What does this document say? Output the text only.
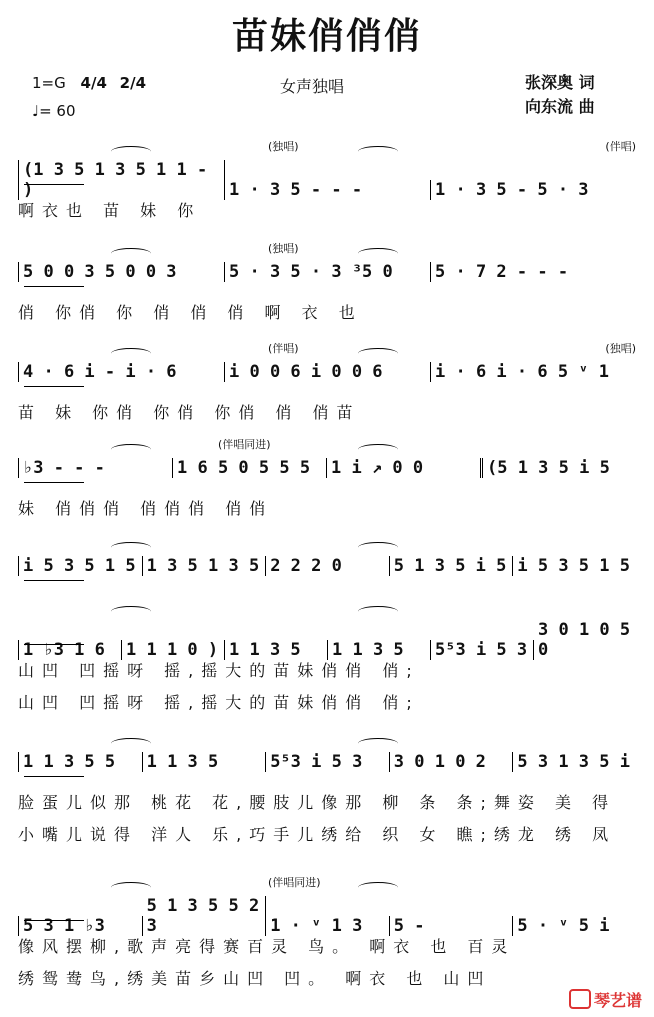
苗妹俏俏俏
1=G 4/4 2/4
♩= 60
女声独唱	张深奥 词
向东流 曲
(1 3 5 1 3 5 1 1 - )	1 · 3 5 - - -	1 · 3 5 - 5 · 3
啊衣也 苗 妹 你
(独唱)	(伴唱)
5 0 0 3 5 0 0 3	5 · 3 5 · 3 ³5 0	5 · 7 2 - - -
俏 你俏 你 俏 俏 俏 啊 衣 也
(独唱)
4 · 6 i - i · 6	i 0 0 6 i 0 0 6	i · 6 i · 6 5 ᵛ 1
苗 妹 你俏 你俏 你俏 俏 俏苗
(伴唱)	(独唱)
♭3 - - -	1 6 5 0 5 5 5	1 i ↗ 0 0	(5 1 3 5 i 5
妹 俏俏俏 俏俏俏 俏俏
(伴唱同进)
i 5 3 5 1 5 1 3 5 1 3 5 2 2 2 0	5 1 3 5 i 5 i 5 3 5 1 5
1 ♭3 1 6	1 1 1 0 ) 1 1 3 5	1 1 3 5	5⁵3 i 5 3
3 0 1 0 5 0
山凹 凹摇呀 摇,摇大的苗妹俏俏 俏;
山凹 凹摇呀 摇,摇大的苗妹俏俏 俏;
1 1 3 5 5	1 1 3 5	5⁵3 i 5 3	3 0 1 0 2	5 3 1 3 5 i
脸蛋儿似那 桃花 花,腰肢儿像那 柳 条 条;舞姿 美 得
小嘴儿说得 洋人 乐,巧手儿绣给 织 女 瞧;绣龙 绣 凤
5 3 1 ♭3
5 1 3 5 5 2 3	1 · ᵛ 1 3	5 -	5 · ᵛ 5 i
像风摆柳,歌声亮得赛百灵 鸟。 啊衣 也 百灵
绣鸳鸯鸟,绣美苗乡山凹 凹。 啊衣 也 山凹
(伴唱同进)
琴艺谱
